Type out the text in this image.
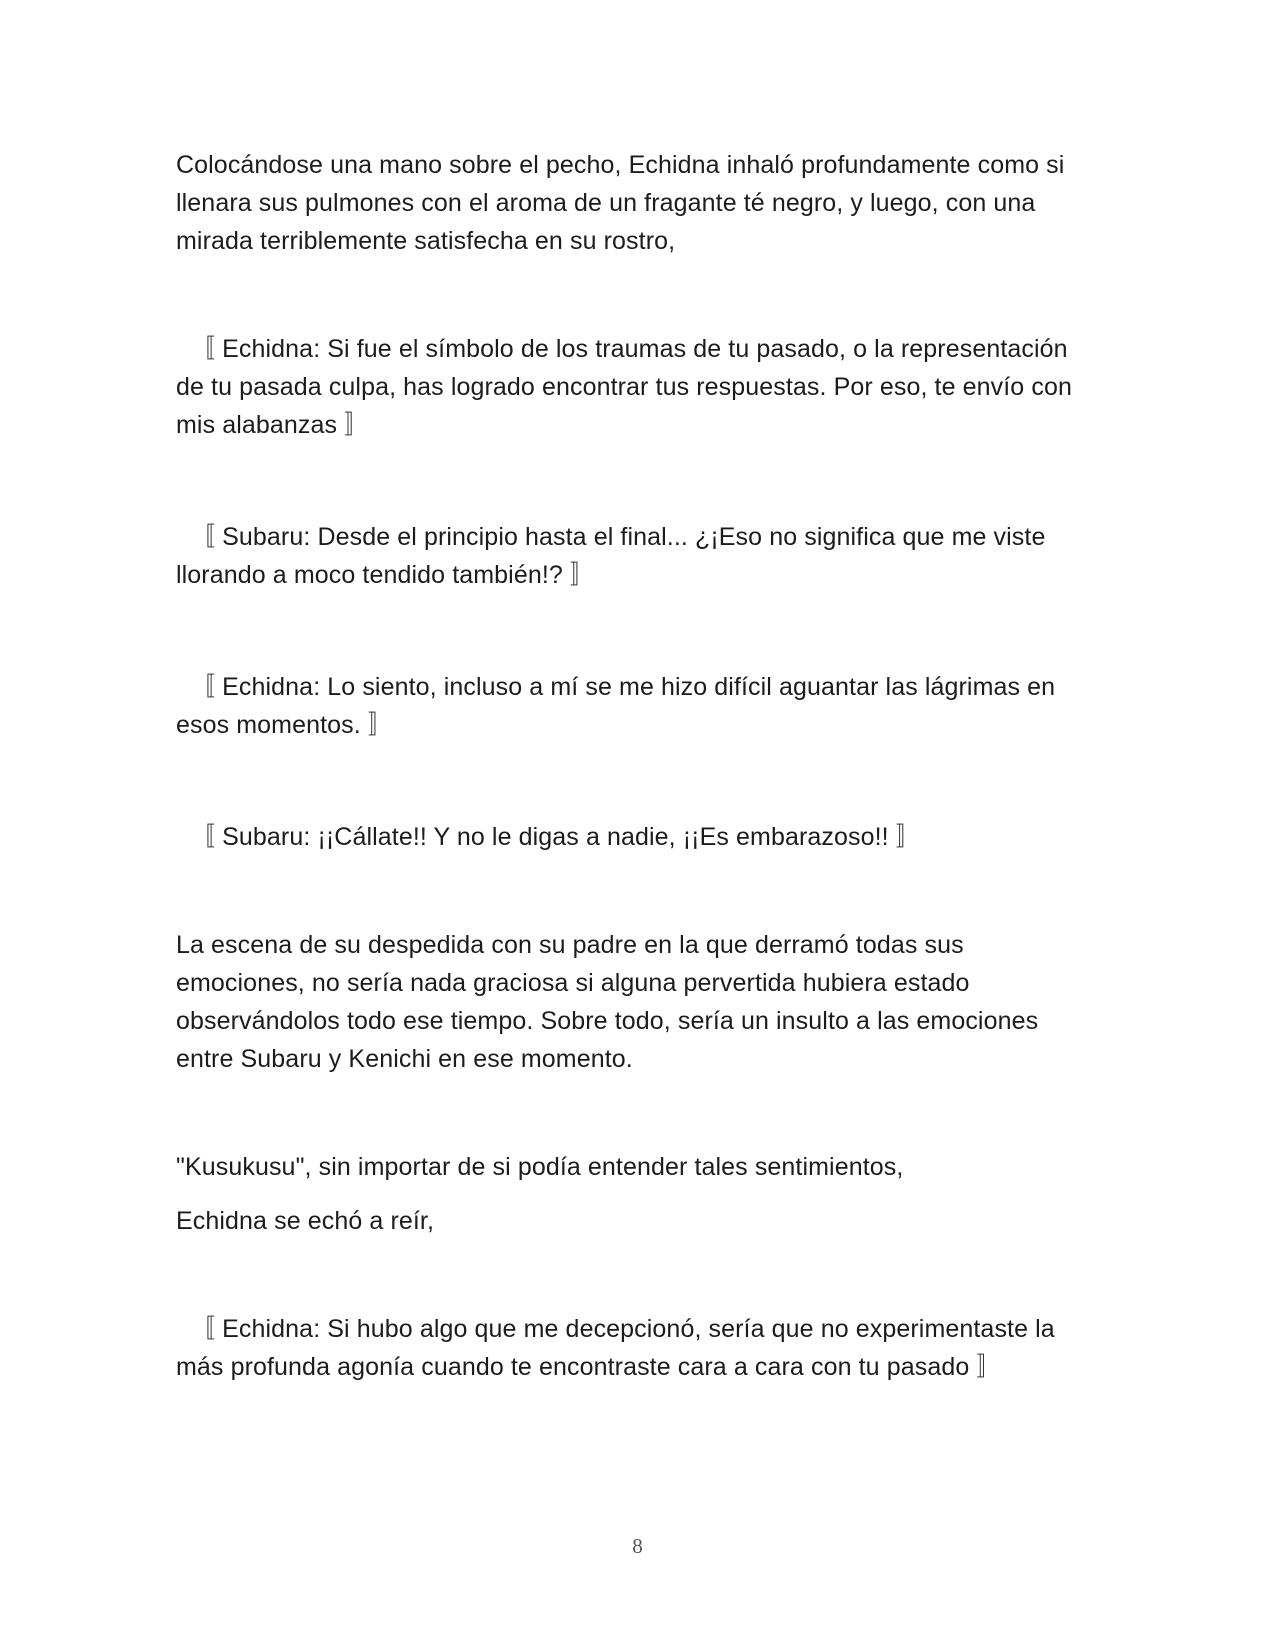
Colocándose una mano sobre el pecho, Echidna inhaló profundamente como si llenara sus pulmones con el aroma de un fragante té negro, y luego, con una mirada terriblemente satisfecha en su rostro,

〚 Echidna: Si fue el símbolo de los traumas de tu pasado, o la representación de tu pasada culpa, has logrado encontrar tus respuestas. Por eso, te envío con mis alabanzas 〛

〚 Subaru: Desde el principio hasta el final... ¿¡Eso no significa que me viste llorando a moco tendido también!? 〛

〚 Echidna: Lo siento, incluso a mí se me hizo difícil aguantar las lágrimas en esos momentos. 〛

〚 Subaru: ¡¡Cállate!! Y no le digas a nadie, ¡¡Es embarazoso!! 〛

La escena de su despedida con su padre en la que derramó todas sus emociones, no sería nada graciosa si alguna pervertida hubiera estado observándolos todo ese tiempo. Sobre todo, sería un insulto a las emociones entre Subaru y Kenichi en ese momento.

"Kusukusu", sin importar de si podía entender tales sentimientos,

Echidna se echó a reír,

〚 Echidna: Si hubo algo que me decepcionó, sería que no experimentaste la más profunda agonía cuando te encontraste cara a cara con tu pasado 〛

8
